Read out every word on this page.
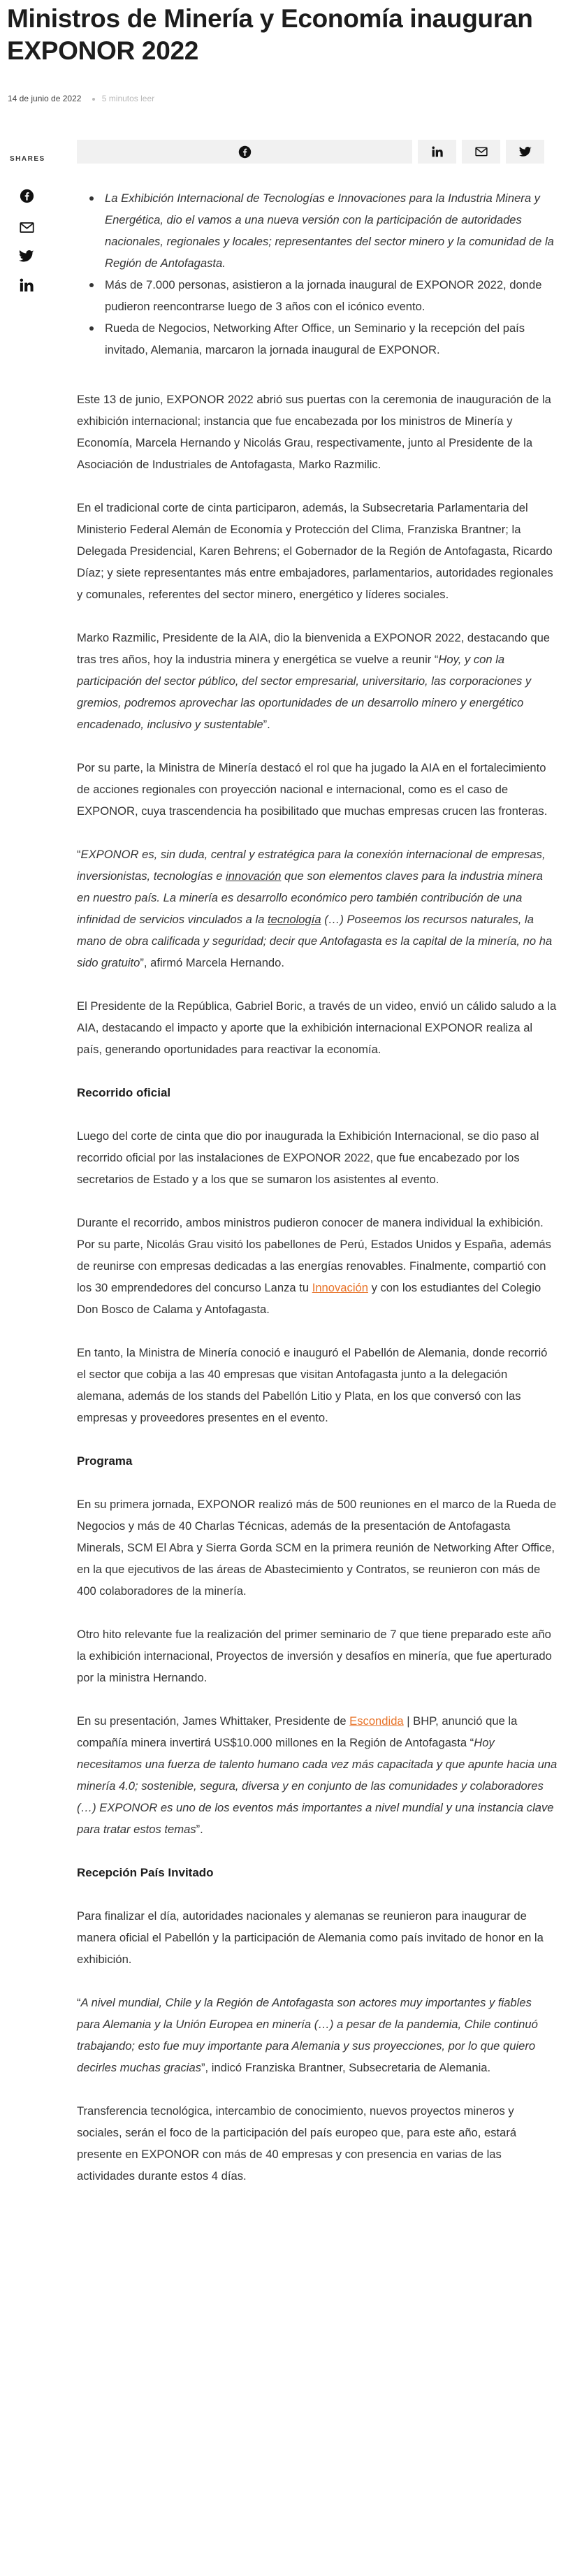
Ministros de Minería y Economía inauguran EXPONOR 2022
14 de junio de 2022 5 minutos leer
SHARES
La Exhibición Internacional de Tecnologías e Innovaciones para la Industria Minera y Energética, dio el vamos a una nueva versión con la participación de autoridades nacionales, regionales y locales; representantes del sector minero y la comunidad de la Región de Antofagasta.
Más de 7.000 personas, asistieron a la jornada inaugural de EXPONOR 2022, donde pudieron reencontrarse luego de 3 años con el icónico evento.
Rueda de Negocios, Networking After Office, un Seminario y la recepción del país invitado, Alemania, marcaron la jornada inaugural de EXPONOR.

Este 13 de junio, EXPONOR 2022 abrió sus puertas con la ceremonia de inauguración de la exhibición internacional; instancia que fue encabezada por los ministros de Minería y Economía, Marcela Hernando y Nicolás Grau, respectivamente, junto al Presidente de la Asociación de Industriales de Antofagasta, Marko Razmilic.

En el tradicional corte de cinta participaron, además, la Subsecretaria Parlamentaria del Ministerio Federal Alemán de Economía y Protección del Clima, Franziska Brantner; la Delegada Presidencial, Karen Behrens; el Gobernador de la Región de Antofagasta, Ricardo Díaz; y siete representantes más entre embajadores, parlamentarios, autoridades regionales y comunales, referentes del sector minero, energético y líderes sociales.

Marko Razmilic, Presidente de la AIA, dio la bienvenida a EXPONOR 2022, destacando que tras tres años, hoy la industria minera y energética se vuelve a reunir “Hoy, y con la participación del sector público, del sector empresarial, universitario, las corporaciones y gremios, podremos aprovechar las oportunidades de un desarrollo minero y energético encadenado, inclusivo y sustentable”.

Por su parte, la Ministra de Minería destacó el rol que ha jugado la AIA en el fortalecimiento de acciones regionales con proyección nacional e internacional, como es el caso de EXPONOR, cuya trascendencia ha posibilitado que muchas empresas crucen las fronteras.

“EXPONOR es, sin duda, central y estratégica para la conexión internacional de empresas, inversionistas, tecnologías e innovación que son elementos claves para la industria minera en nuestro país. La minería es desarrollo económico pero también contribución de una infinidad de servicios vinculados a la tecnología (…) Poseemos los recursos naturales, la mano de obra calificada y seguridad; decir que Antofagasta es la capital de la minería, no ha sido gratuito”, afirmó Marcela Hernando.

El Presidente de la República, Gabriel Boric, a través de un video, envió un cálido saludo a la AIA, destacando el impacto y aporte que la exhibición internacional EXPONOR realiza al país, generando oportunidades para reactivar la economía.

Recorrido oficial

Luego del corte de cinta que dio por inaugurada la Exhibición Internacional, se dio paso al recorrido oficial por las instalaciones de EXPONOR 2022, que fue encabezado por los secretarios de Estado y a los que se sumaron los asistentes al evento.

Durante el recorrido, ambos ministros pudieron conocer de manera individual la exhibición. Por su parte, Nicolás Grau visitó los pabellones de Perú, Estados Unidos y España, además de reunirse con empresas dedicadas a las energías renovables. Finalmente, compartió con los 30 emprendedores del concurso Lanza tu Innovación y con los estudiantes del Colegio Don Bosco de Calama y Antofagasta.

En tanto, la Ministra de Minería conoció e inauguró el Pabellón de Alemania, donde recorrió el sector que cobija a las 40 empresas que visitan Antofagasta junto a la delegación alemana, además de los stands del Pabellón Litio y Plata, en los que conversó con las empresas y proveedores presentes en el evento.

Programa

En su primera jornada, EXPONOR realizó más de 500 reuniones en el marco de la Rueda de Negocios y más de 40 Charlas Técnicas, además de la presentación de Antofagasta Minerals, SCM El Abra y Sierra Gorda SCM en la primera reunión de Networking After Office, en la que ejecutivos de las áreas de Abastecimiento y Contratos, se reunieron con más de 400 colaboradores de la minería.

Otro hito relevante fue la realización del primer seminario de 7 que tiene preparado este año la exhibición internacional, Proyectos de inversión y desafíos en minería, que fue aperturado por la ministra Hernando.

En su presentación, James Whittaker, Presidente de Escondida | BHP, anunció que la compañía minera invertirá US$10.000 millones en la Región de Antofagasta “Hoy necesitamos una fuerza de talento humano cada vez más capacitada y que apunte hacia una minería 4.0; sostenible, segura, diversa y en conjunto de las comunidades y colaboradores (…) EXPONOR es uno de los eventos más importantes a nivel mundial y una instancia clave para tratar estos temas”.

Recepción País Invitado

Para finalizar el día, autoridades nacionales y alemanas se reunieron para inaugurar de manera oficial el Pabellón y la participación de Alemania como país invitado de honor en la exhibición.

“A nivel mundial, Chile y la Región de Antofagasta son actores muy importantes y fiables para Alemania y la Unión Europea en minería (…) a pesar de la pandemia, Chile continuó trabajando; esto fue muy importante para Alemania y sus proyecciones, por lo que quiero decirles muchas gracias”, indicó Franziska Brantner, Subsecretaria de Alemania.

Transferencia tecnológica, intercambio de conocimiento, nuevos proyectos mineros y sociales, serán el foco de la participación del país europeo que, para este año, estará presente en EXPONOR con más de 40 empresas y con presencia en varias de las actividades durante estos 4 días.
